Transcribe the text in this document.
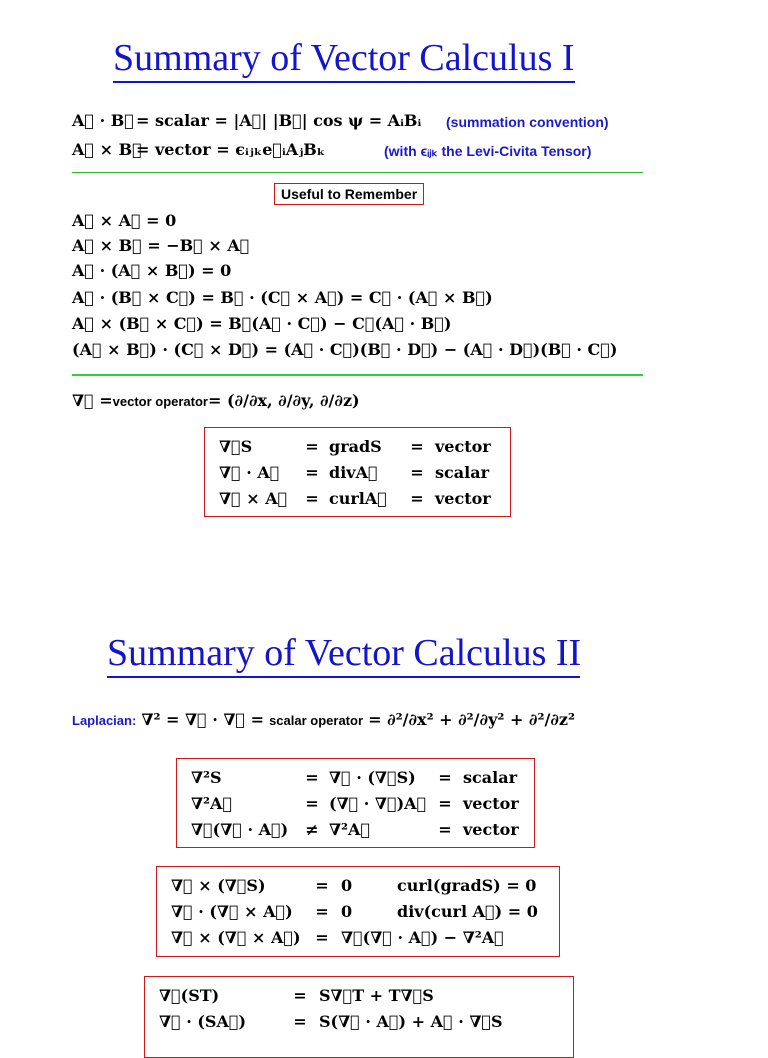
Summary of Vector Calculus I
A⃗ · B⃗ = scalar = |A⃗| |B⃗| cos ψ = AᵢBᵢ (summation convention)
A⃗ × B⃗
= vector = ϵᵢⱼₖe⃗ᵢAⱼBₖ	(with ϵᵢⱼₖ the Levi-Civita Tensor)
Useful to Remember
A⃗ × A⃗ = 0
A⃗ × B⃗ = −B⃗ × A⃗
A⃗ · (A⃗ × B⃗) = 0
A⃗ · (B⃗ × C⃗) = B⃗ · (C⃗ × A⃗) = C⃗ · (A⃗ × B⃗)
A⃗ × (B⃗ × C⃗) = B⃗(A⃗ · C⃗) − C⃗(A⃗ · B⃗)
(A⃗ × B⃗) · (C⃗ × D⃗) = (A⃗ · C⃗)(B⃗ · D⃗) − (A⃗ · D⃗)(B⃗ · C⃗)
∇⃗ =vector operator= (∂/∂x, ∂/∂y, ∂/∂z)
∇⃗S	=	gradS	=	vector
∇⃗ · A⃗	=	divA⃗	=	scalar
∇⃗ × A⃗	=	curlA⃗	=	vector
Summary of Vector Calculus II
Laplacian: ∇² = ∇⃗ · ∇⃗ = scalar operator = ∂²/∂x² + ∂²/∂y² + ∂²/∂z²
∇²S	=	∇⃗ · (∇⃗S)	=	scalar
∇²A⃗	=	(∇⃗ · ∇⃗)A⃗	=	vector
∇⃗(∇⃗ · A⃗)	≠	∇²A⃗	=	vector
∇⃗ × (∇⃗S)	=	0	curl(gradS) = 0
∇⃗ · (∇⃗ × A⃗)	=	0	div(curl A⃗) = 0
∇⃗ × (∇⃗ × A⃗)	=	∇⃗(∇⃗ · A⃗) − ∇²A⃗	
∇⃗(ST)	=	S∇⃗T + T∇⃗S
∇⃗ · (SA⃗)	=	S(∇⃗ · A⃗) + A⃗ · ∇⃗S
